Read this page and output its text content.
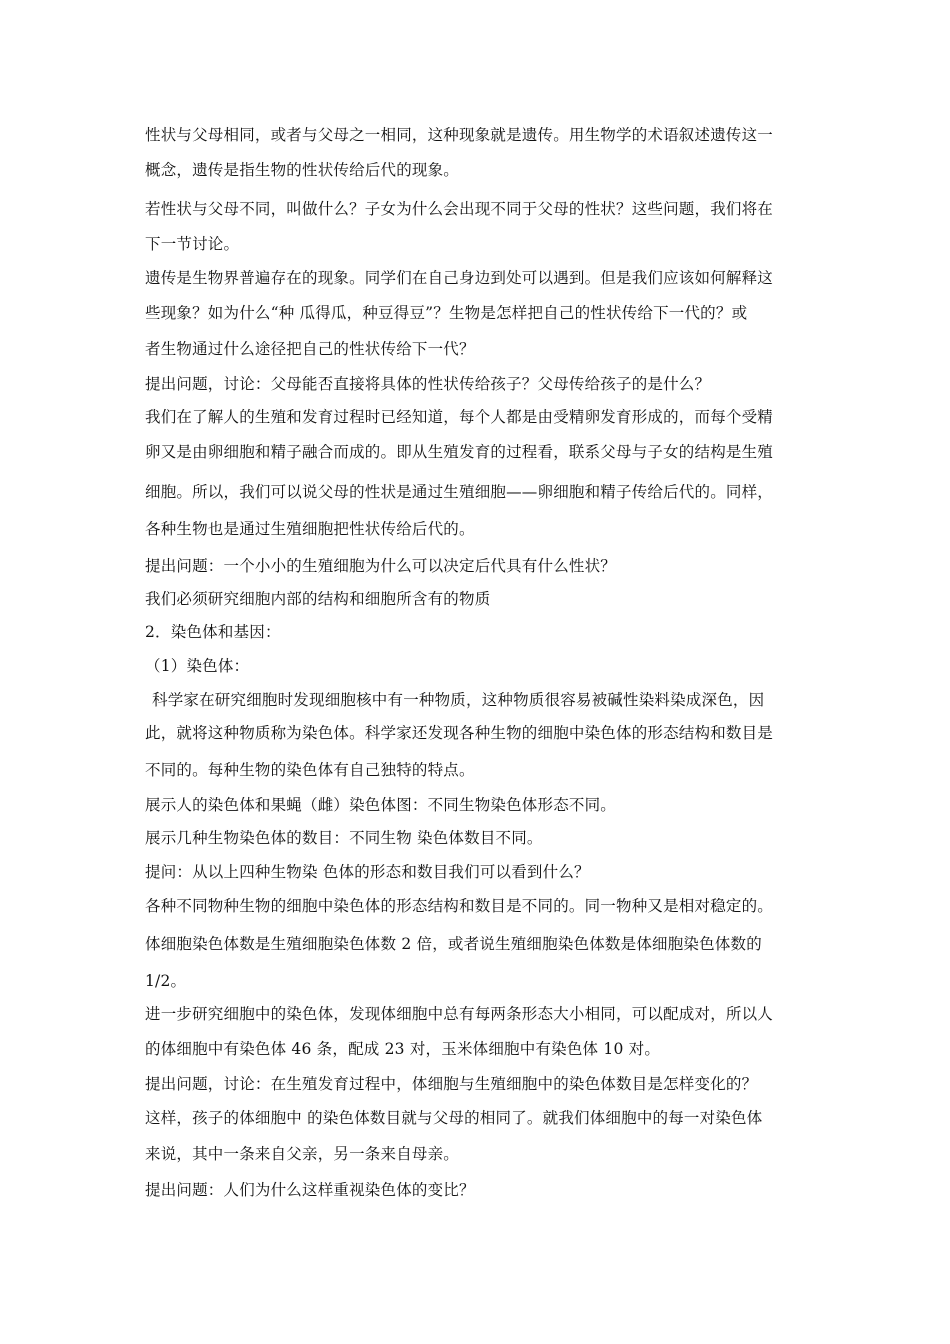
性状与父母相同，或者与父母之一相同，这种现象就是遗传。用生物学的术语叙述遗传这一
概念，遗传是指生物的性状传给后代的现象。
若性状与父母不同，叫做什么？子女为什么会出现不同于父母的性状？这些问题，我们将在
下一节讨论。
遗传是生物界普遍存在的现象。同学们在自己身边到处可以遇到。但是我们应该如何解释这
些现象？如为什么“种 瓜得瓜，种豆得豆”？生物是怎样把自己的性状传给下一代的？或
者生物通过什么途径把自己的性状传给下一代？
提出问题，讨论：父母能否直接将具体的性状传给孩子？父母传给孩子的是什么？
我们在了解人的生殖和发育过程时已经知道，每个人都是由受精卵发育形成的，而每个受精
卵又是由卵细胞和精子融合而成的。即从生殖发育的过程看，联系父母与子女的结构是生殖
细胞。所以，我们可以说父母的性状是通过生殖细胞——卵细胞和精子传给后代的。同样，
各种生物也是通过生殖细胞把性状传给后代的。
提出问题：一个小小的生殖细胞为什么可以决定后代具有什么性状？
我们必须研究细胞内部的结构和细胞所含有的物质
2．染色体和基因：
（1）染色体：
科学家在研究细胞时发现细胞核中有一种物质，这种物质很容易被碱性染料染成深色，因
此，就将这种物质称为染色体。科学家还发现各种生物的细胞中染色体的形态结构和数目是
不同的。每种生物的染色体有自己独特的特点。
展示人的染色体和果蝇（雌）染色体图：不同生物染色体形态不同。
展示几种生物染色体的数目：不同生物 染色体数目不同。
提问：从以上四种生物染 色体的形态和数目我们可以看到什么？
各种不同物种生物的细胞中染色体的形态结构和数目是不同的。同一物种又是相对稳定的。
体细胞染色体数是生殖细胞染色体数 2 倍，或者说生殖细胞染色体数是体细胞染色体数的
1/2。
进一步研究细胞中的染色体，发现体细胞中总有每两条形态大小相同，可以配成对，所以人
的体细胞中有染色体 46 条，配成 23 对，玉米体细胞中有染色体 10 对。
提出问题，讨论：在生殖发育过程中，体细胞与生殖细胞中的染色体数目是怎样变化的？
这样，孩子的体细胞中 的染色体数目就与父母的相同了。就我们体细胞中的每一对染色体
来说，其中一条来自父亲，另一条来自母亲。
提出问题：人们为什么这样重视染色体的变比？
